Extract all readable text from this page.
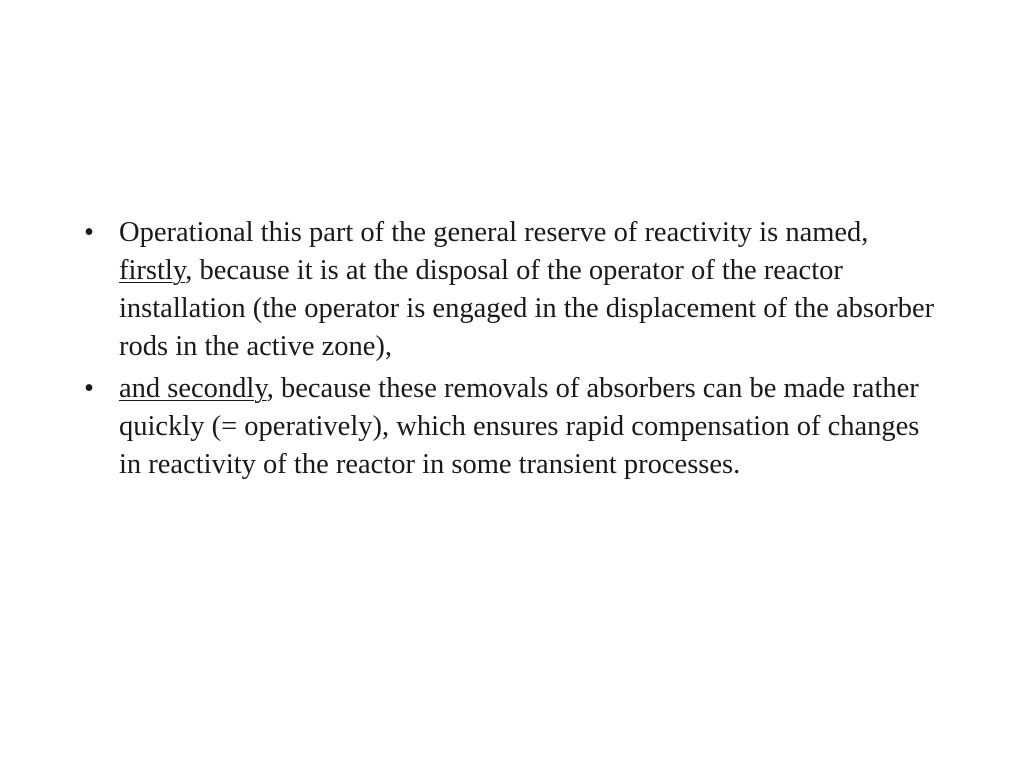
• Operational this part of the general reserve of reactivity is named, firstly, because it is at the disposal of the operator of the reactor installation (the operator is engaged in the displacement of the absorber rods in the active zone),
• and secondly, because these removals of absorbers can be made rather quickly (= operatively), which ensures rapid compensation of changes in reactivity of the reactor in some transient processes.
